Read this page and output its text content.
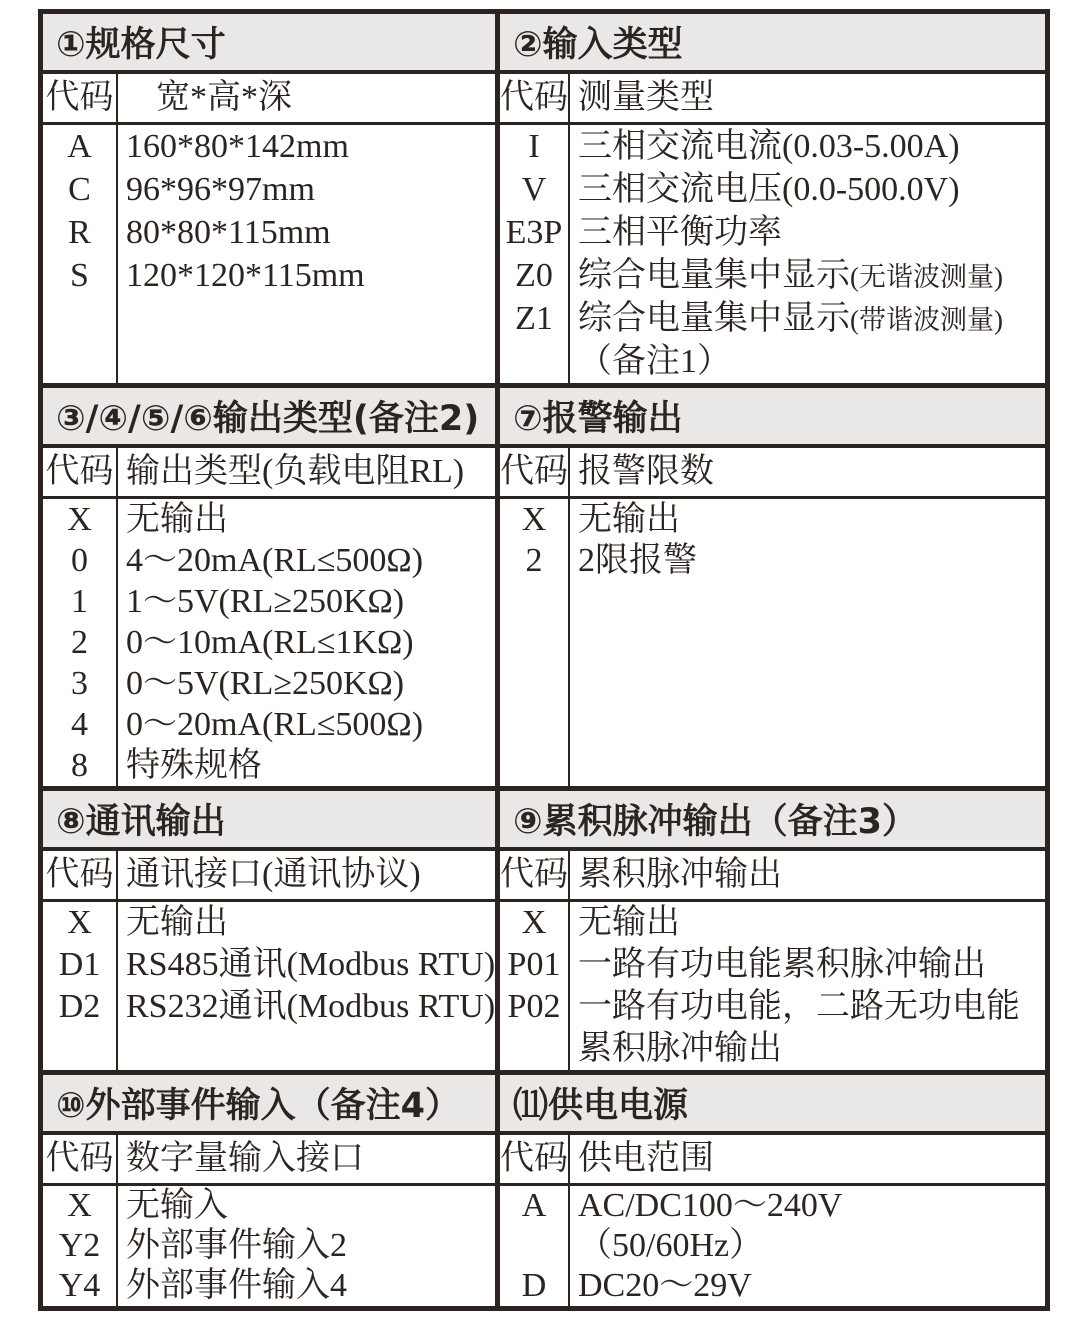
①规格尺寸
代码	宽*高*深
A	160*80*142mm
C	96*96*97mm
R	80*80*115mm
S	120*120*115mm
②输入类型
代码 测量类型
I	三相交流电流(0.03-5.00A)
V 三相交流电压(0.0-500.0V)
E3P 三相平衡功率
Z0 综合电量集中显示(无谐波测量)
Z1 综合电量集中显示(带谐波测量)
（备注1）
③/④/⑤/⑥输出类型(备注2)
代码 输出类型(负载电阻RL)
X	无输出
0	4～20mA(RL≤500Ω)
1	1～5V(RL≥250KΩ)
2	0～10mA(RL≤1KΩ)
3	0～5V(RL≥250KΩ)
4	0～20mA(RL≤500Ω)
8	特殊规格
⑦报警输出
代码 报警限数
X 无输出
2	2限报警
⑧通讯输出
代码 通讯接口(通讯协议)
X	无输出
D1 RS485通讯(Modbus RTU)
D2 RS232通讯(Modbus RTU)
⑨累积脉冲输出（备注3）
代码 累积脉冲输出
X 无输出
P01 一路有功电能累积脉冲输出
P02 一路有功电能，二路无功电能
累积脉冲输出
⑩外部事件输入（备注4）
代码 数字量输入接口
X	无输入
Y2 外部事件输入2
Y4 外部事件输入4
⑾供电电源
代码 供电范围
A AC/DC100～240V
（50/60Hz）
D DC20～29V
